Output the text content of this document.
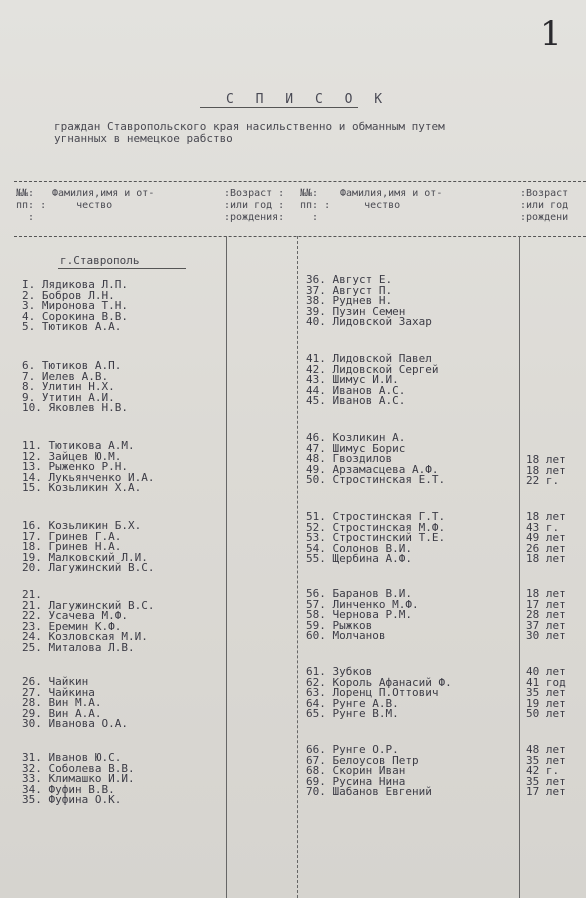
1
С П И С О К
граждан Ставропольского края насильственно и обманным путем
угнанных в немецкое рабство
№№:
пп: :
:
Фамилия,имя и от-
чество
:Возраст :
:или год :
:рождения:
№№:
пп: :
:
Фамилия,имя и от-
чество
:Возраст
:или год
:рождени
г.Ставрополь
I. Лядикова Л.П.
2. Бобров Л.Н.
3. Миронова Т.Н.
4. Сорокина В.В.
5. Тютиков А.А.
6. Тютиков А.П.
7. Иелев А.В.
8. Улитин Н.Х.
9. Утитин А.И.
10. Яковлев Н.В.
11. Тютикова А.М.
12. Зайцев Ю.М.
13. Рыженко Р.Н.
14. Лукьянченко И.А.
15. Козьликин Х.А.
16. Козьликин Б.Х.
17. Гринев Г.А.
18. Гринев Н.А.
19. Малковский Л.И.
20. Лагужинский В.С.
21.
21. Лагужинский В.С.
22. Усачева М.Ф.
23. Еремин К.Ф.
24. Козловская М.И.
25. Миталова Л.В.
26. Чайкин
27. Чайкина
28. Вин М.А.
29. Вин А.А.
30. Иванова О.А.
31. Иванов Ю.С.
32. Соболева В.В.
33. Климашко И.И.
34. Фуфин В.В.
35. Фуфина О.К.
36. Август Е.
37. Август П.
38. Руднев Н.
39. Пузин Семен
40. Лидовской Захар
41. Лидовской Павел
42. Лидовской Сергей
43. Шимус И.И.
44. Иванов А.С.
45. Иванов А.С.
46. Козликин А.
47. Шимус Борис
48. Гвоздилов
49. Арзамасцева А.Ф.
50. Стростинская Е.Т.
51. Стростинская Г.Т.
52. Стростинская М.Ф.
53. Стростинский Т.Е.
54. Солонов В.И.
55. Щербина А.Ф.
56. Баранов В.И.
57. Линченко М.Ф.
58. Чернова Р.М.
59. Рыжков
60. Молчанов
61. Зубков
62. Король Афанасий Ф.
63. Лоренц П.Оттович
64. Рунге А.В.
65. Рунге В.М.
66. Рунге О.Р.
67. Белоусов Петр
68. Скорин Иван
69. Русина Нина
70. Шабанов Евгений
18 лет
18 лет
22 г.
18 лет
43 г.
49 лет
26 лет
18 лет
18 лет
17 лет
28 лет
37 лет
30 лет
40 лет
41 год
35 лет
19 лет
50 лет
48 лет
35 лет
42 г.
35 лет
17 лет
